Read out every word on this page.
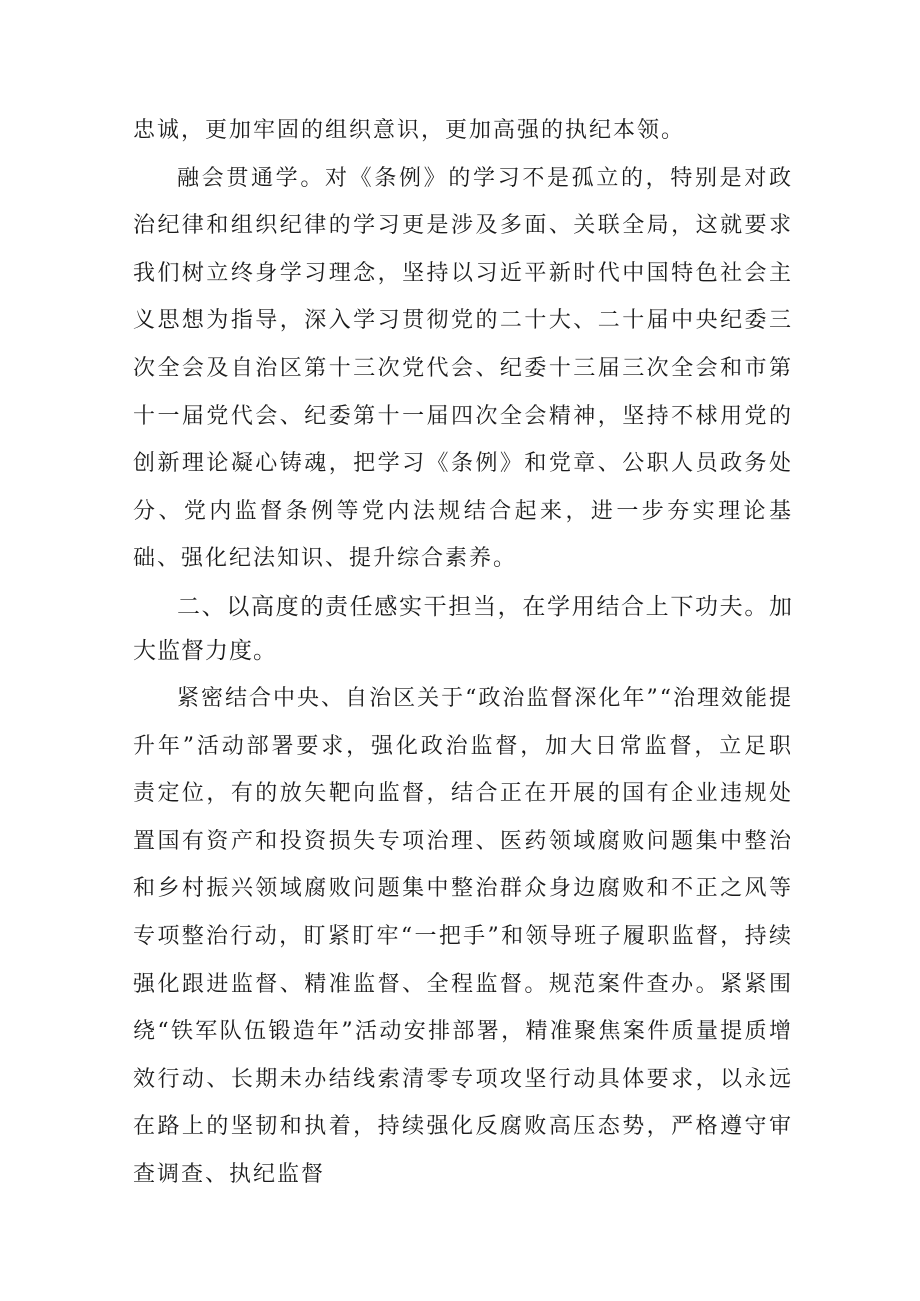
忠诚，更加牢固的组织意识，更加高强的执纪本领。

融会贯通学。对《条例》的学习不是孤立的，特别是对政治纪律和组织纪律的学习更是涉及多面、关联全局，这就要求我们树立终身学习理念，坚持以习近平新时代中国特色社会主义思想为指导，深入学习贯彻党的二十大、二十届中央纪委三次全会及自治区第十三次党代会、纪委十三届三次全会和市第十一届党代会、纪委第十一届四次全会精神，坚持不梂用党的创新理论凝心铸魂，把学习《条例》和党章、公职人员政务处分、党内监督条例等党内法规结合起来，进一步夯实理论基础、强化纪法知识、提升综合素养。

二、以高度的责任感实干担当，在学用结合上下功夫。加大监督力度。

紧密结合中央、自治区关于“政治监督深化年”“治理效能提升年”活动部署要求，强化政治监督，加大日常监督，立足职责定位，有的放矢靶向监督，结合正在开展的国有企业违规处置国有资产和投资损失专项治理、医药领域腐败问题集中整治和乡村振兴领域腐败问题集中整治群众身边腐败和不正之风等专项整治行动，盯紧盯牢“一把手”和领导班子履职监督，持续强化跟进监督、精准监督、全程监督。规范案件查办。紧紧围绕“铁军队伍锻造年”活动安排部署，精准聚焦案件质量提质增效行动、长期未办结线索清零专项攻坚行动具体要求，以永远在路上的坚韧和执着，持续强化反腐败高压态势，严格遵守审查调查、执纪监督
